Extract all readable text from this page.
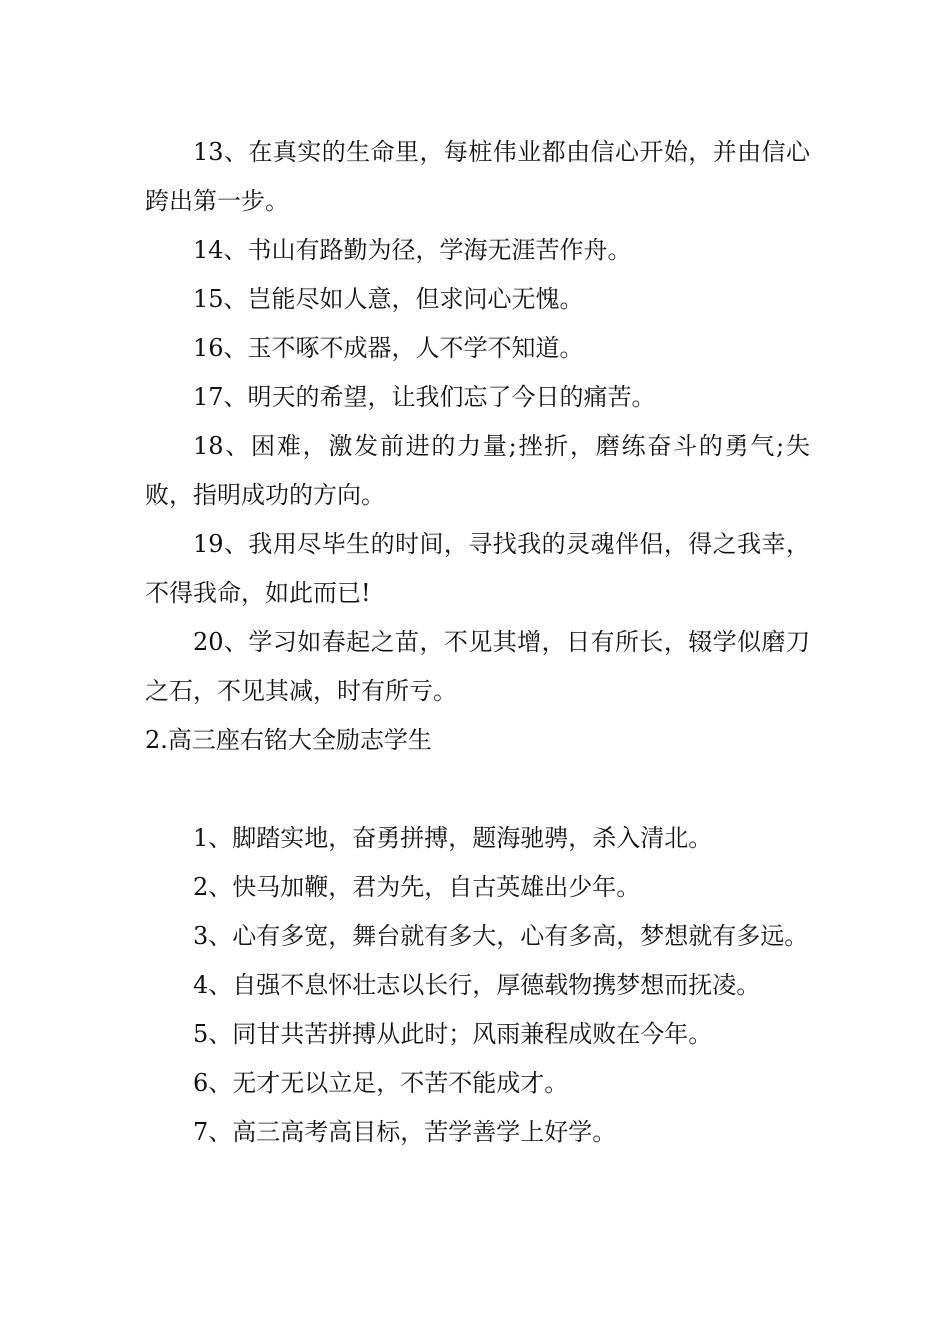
13、在真实的生命里，每桩伟业都由信心开始，并由信心跨出第一步。

14、书山有路勤为径，学海无涯苦作舟。

15、岂能尽如人意，但求问心无愧。

16、玉不啄不成器，人不学不知道。

17、明天的希望，让我们忘了今日的痛苦。

18、困难，激发前进的力量;挫折，磨练奋斗的勇气;失败，指明成功的方向。

19、我用尽毕生的时间，寻找我的灵魂伴侣，得之我幸，不得我命，如此而已!

20、学习如春起之苗，不见其增，日有所长，辍学似磨刀之石，不见其减，时有所亏。

2.高三座右铭大全励志学生

1、脚踏实地，奋勇拼搏，题海驰骋，杀入清北。

2、快马加鞭，君为先，自古英雄出少年。

3、心有多宽，舞台就有多大，心有多高，梦想就有多远。

4、自强不息怀壮志以长行，厚德载物携梦想而抚凌。

5、同甘共苦拼搏从此时；风雨兼程成败在今年。

6、无才无以立足，不苦不能成才。

7、高三高考高目标，苦学善学上好学。
